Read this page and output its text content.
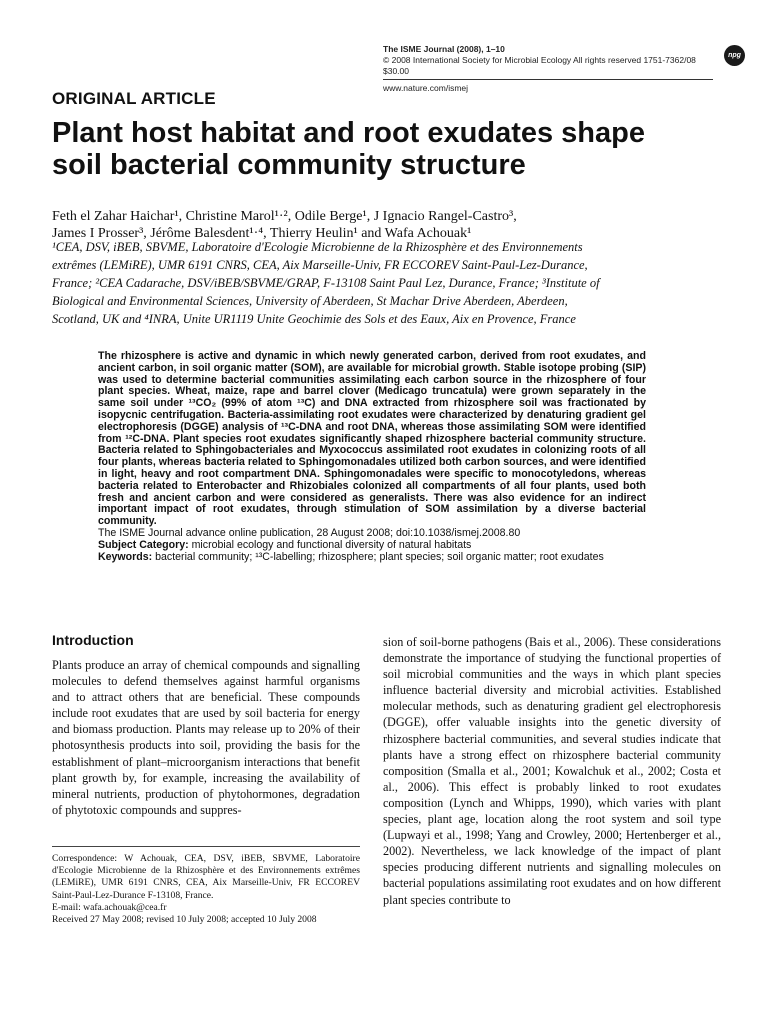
The ISME Journal (2008), 1–10
© 2008 International Society for Microbial Ecology All rights reserved 1751-7362/08 $30.00
www.nature.com/ismej
npg
ORIGINAL ARTICLE
Plant host habitat and root exudates shape
soil bacterial community structure
Feth el Zahar Haichar¹, Christine Marol¹·², Odile Berge¹, J Ignacio Rangel-Castro³,
James I Prosser³, Jérôme Balesdent¹·⁴, Thierry Heulin¹ and Wafa Achouak¹
¹CEA, DSV, iBEB, SBVME, Laboratoire d'Ecologie Microbienne de la Rhizosphère et des Environnements
extrêmes (LEMiRE), UMR 6191 CNRS, CEA, Aix Marseille-Univ, FR ECCOREV Saint-Paul-Lez-Durance,
France; ²CEA Cadarache, DSV/iBEB/SBVME/GRAP, F-13108 Saint Paul Lez, Durance, France; ³Institute of
Biological and Environmental Sciences, University of Aberdeen, St Machar Drive Aberdeen, Aberdeen,
Scotland, UK and ⁴INRA, Unite UR1119 Unite Geochimie des Sols et des Eaux, Aix en Provence, France
The rhizosphere is active and dynamic in which newly generated carbon, derived from root exudates, and ancient carbon, in soil organic matter (SOM), are available for microbial growth. Stable isotope probing (SIP) was used to determine bacterial communities assimilating each carbon source in the rhizosphere of four plant species. Wheat, maize, rape and barrel clover (Medicago truncatula) were grown separately in the same soil under ¹³CO₂ (99% of atom ¹³C) and DNA extracted from rhizosphere soil was fractionated by isopycnic centrifugation. Bacteria-assimilating root exudates were characterized by denaturing gradient gel electrophoresis (DGGE) analysis of ¹³C-DNA and root DNA, whereas those assimilating SOM were identified from ¹²C-DNA. Plant species root exudates significantly shaped rhizosphere bacterial community structure. Bacteria related to Sphingobacteriales and Myxococcus assimilated root exudates in colonizing roots of all four plants, whereas bacteria related to Sphingomonadales utilized both carbon sources, and were identified in light, heavy and root compartment DNA. Sphingomonadales were specific to monocotyledons, whereas bacteria related to Enterobacter and Rhizobiales colonized all compartments of all four plants, used both fresh and ancient carbon and were considered as generalists. There was also evidence for an indirect important impact of root exudates, through stimulation of SOM assimilation by a diverse bacterial community.
The ISME Journal advance online publication, 28 August 2008; doi:10.1038/ismej.2008.80
Subject Category: microbial ecology and functional diversity of natural habitats
Keywords: bacterial community; ¹³C-labelling; rhizosphere; plant species; soil organic matter; root exudates
Introduction
Plants produce an array of chemical compounds and signalling molecules to defend themselves against harmful organisms and to attract others that are beneficial. These compounds include root exudates that are used by soil bacteria for energy and biomass production. Plants may release up to 20% of their photosynthesis products into soil, providing the basis for the establishment of plant–microorganism interactions that benefit plant growth by, for example, increasing the availability of mineral nutrients, production of phytohormones, degradation of phytotoxic compounds and suppres-
Correspondence: W Achouak, CEA, DSV, iBEB, SBVME, Laboratoire d'Ecologie Microbienne de la Rhizosphère et des Environnements extrêmes (LEMiRE), UMR 6191 CNRS, CEA, Aix Marseille-Univ, FR ECCOREV Saint-Paul-Lez-Durance F-13108, France.
E-mail: wafa.achouak@cea.fr
Received 27 May 2008; revised 10 July 2008; accepted 10 July 2008
sion of soil-borne pathogens (Bais et al., 2006). These considerations demonstrate the importance of studying the functional properties of soil microbial communities and the ways in which plant species influence bacterial diversity and microbial activities. Established molecular methods, such as denaturing gradient gel electrophoresis (DGGE), offer valuable insights into the genetic diversity of rhizosphere bacterial communities, and several studies indicate that plants have a strong effect on rhizosphere bacterial community composition (Smalla et al., 2001; Kowalchuk et al., 2002; Costa et al., 2006). This effect is probably linked to root exudates composition (Lynch and Whipps, 1990), which varies with plant species, plant age, location along the root system and soil type (Lupwayi et al., 1998; Yang and Crowley, 2000; Hertenberger et al., 2002). Nevertheless, we lack knowledge of the impact of plant species producing different nutrients and signalling molecules on bacterial populations assimilating root exudates and on how different plant species contribute to
